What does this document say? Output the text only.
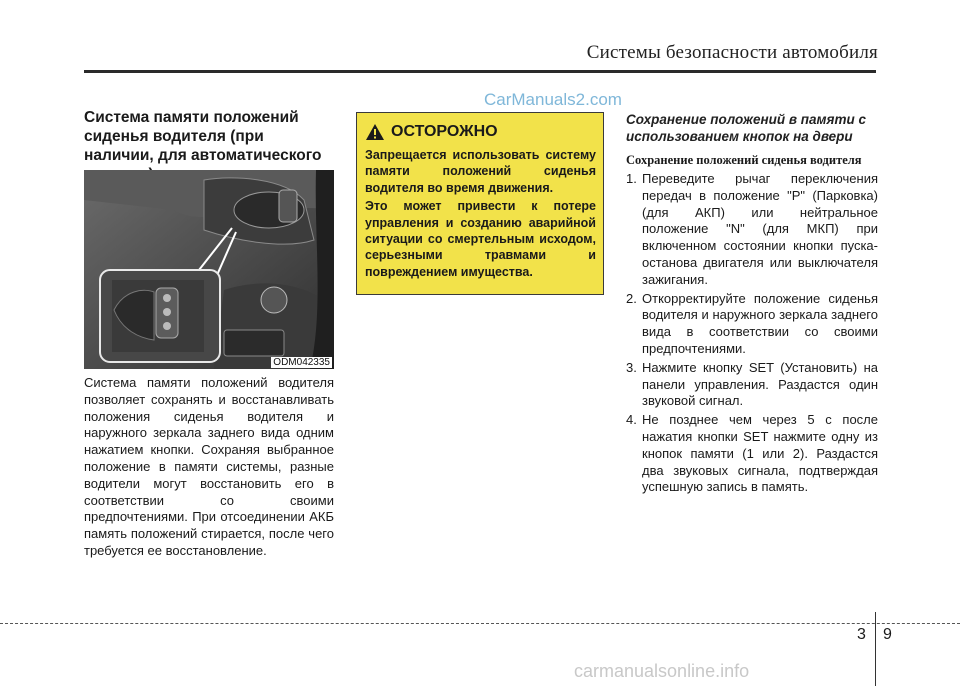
Системы безопасности автомобиля
CarManuals2.com
Система памяти положений сиденья водителя (при наличии, для автоматического
ODM042335
Система памяти положений водителя позволяет сохранять и восстанавливать положения сиденья водителя и наружного зеркала заднего вида одним нажатием кнопки. Сохраняя выбранное положение в памяти системы, разные водители могут восстановить его в соответствии со своими предпочтениями. При отсоединении АКБ память положений стирается, после чего требуется ее восстановление.
ОСТОРОЖНО

Запрещается использовать систему памяти положений сиденья водителя во время движения.

Это может привести к потере управления и созданию аварийной ситуации со смертельным исходом, серьезными травмами и повреждением имущества.

Сохранение положений в памяти с использованием кнопок на двери
Сохранение положений сиденья водителя
1. Переведите рычаг переключения передач в положение "P" (Парковка) (для АКП) или нейтральное положение "N" (для МКП) при включенном состоянии кнопки пуска-останова двигателя или выключателя зажигания.
2. Откорректируйте положение сиденья водителя и наружного зеркала заднего вида в соответствии со своими предпочтениями.
3. Нажмите кнопку SET (Установить) на панели управления. Раздастся один звуковой сигнал.
4. Не позднее чем через 5 с после нажатия кнопки SET нажмите одну из кнопок памяти (1 или 2). Раздастся два звуковых сигнала, подтверждая успешную запись в память.
3 9
carmanualsonline.info
